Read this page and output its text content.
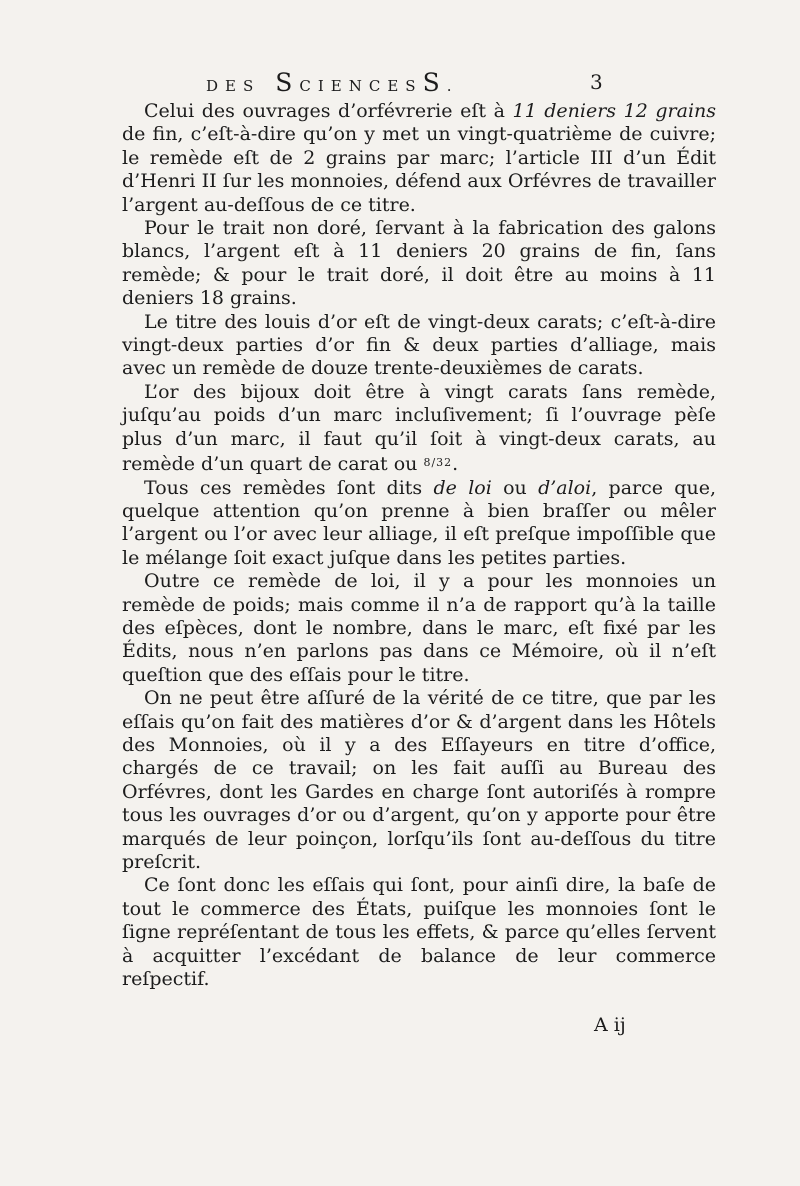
DES SCIENCESS.	3

Celui des ouvrages d’orfévrerie eſt à 11 deniers 12 grains de fin, c’eſt-à-dire qu’on y met un vingt-quatrième de cuivre; le remède eſt de 2 grains par marc; l’article III d’un Édit d’Henri II ſur les monnoies, défend aux Orfévres de travailler l’argent au-deſſous de ce titre.

Pour le trait non doré, ſervant à la fabrication des galons blancs, l’argent eſt à 11 deniers 20 grains de fin, ſans remède; & pour le trait doré, il doit être au moins à 11 deniers 18 grains.

Le titre des louis d’or eſt de vingt-deux carats; c’eſt-à-dire vingt-deux parties d’or fin & deux parties d’alliage, mais avec un remède de douze trente-deuxièmes de carats.

L’or des bijoux doit être à vingt carats ſans remède, juſqu’au poids d’un marc incluſivement; ſi l’ouvrage pèſe plus d’un marc, il faut qu’il ſoit à vingt-deux carats, au remède d’un quart de carat ou $^{8/32}$.

Tous ces remèdes ſont dits de loi ou d’aloi, parce que, quelque attention qu’on prenne à bien braſſer ou mêler l’argent ou l’or avec leur alliage, il eſt preſque impoſſible que le mélange ſoit exact juſque dans les petites parties.

Outre ce remède de loi, il y a pour les monnoies un remède de poids; mais comme il n’a de rapport qu’à la taille des eſpèces, dont le nombre, dans le marc, eſt fixé par les Édits, nous n’en parlons pas dans ce Mémoire, où il n’eſt queſtion que des eſſais pour le titre.

On ne peut être aſſuré de la vérité de ce titre, que par les eſſais qu’on fait des matières d’or & d’argent dans les Hôtels des Monnoies, où il y a des Eſſayeurs en titre d’office, chargés de ce travail; on les fait auſſi au Bureau des Orfévres, dont les Gardes en charge ſont autoriſés à rompre tous les ouvrages d’or ou d’argent, qu’on y apporte pour être marqués de leur poinçon, lorſqu’ils ſont au-deſſous du titre preſcrit.

Ce ſont donc les eſſais qui ſont, pour ainſi dire, la baſe de tout le commerce des États, puiſque les monnoies ſont le ſigne repréſentant de tous les effets, & parce qu’elles ſervent à acquitter l’excédant de balance de leur commerce reſpectif.

A ij
